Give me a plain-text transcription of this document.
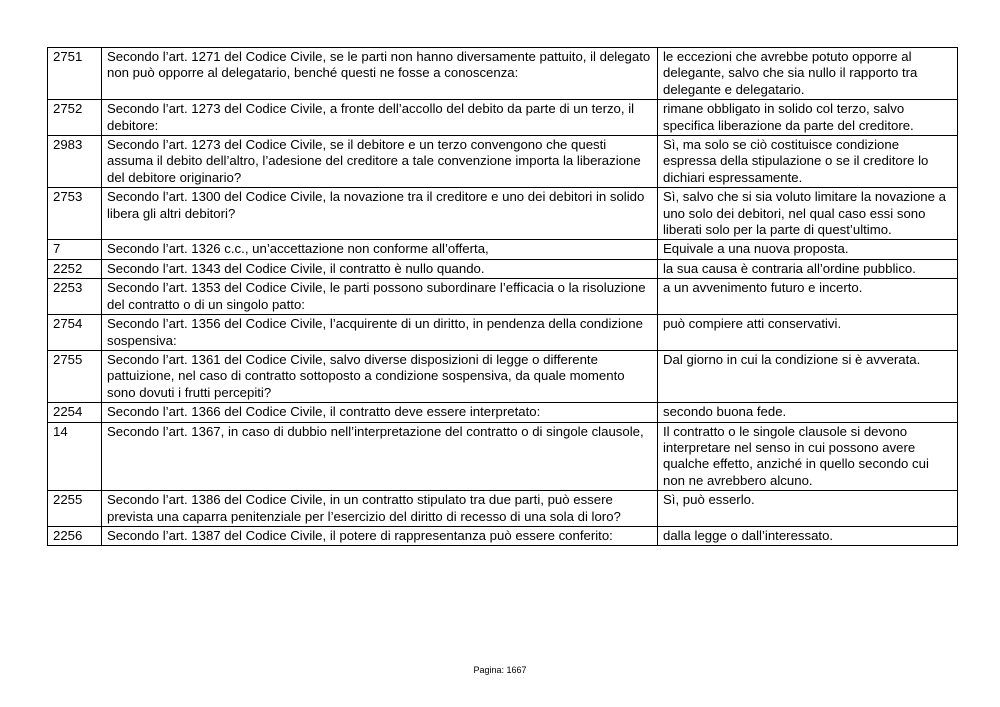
2751	Secondo l’art. 1271 del Codice Civile, se le parti non hanno diversamente pattuito, il delegato non può opporre al delegatario, benché questi ne fosse a conoscenza:	le eccezioni che avrebbe potuto opporre al delegante, salvo che sia nullo il rapporto tra delegante e delegatario.
2752	Secondo l’art. 1273 del Codice Civile, a fronte dell’accollo del debito da parte di un terzo, il debitore:	rimane obbligato in solido col terzo, salvo specifica liberazione da parte del creditore.
2983	Secondo l’art. 1273 del Codice Civile, se il debitore e un terzo convengono che questi assuma il debito dell’altro, l’adesione del creditore a tale convenzione importa la liberazione del debitore originario?	Sì, ma solo se ciò costituisce condizione espressa della stipulazione o se il creditore lo dichiari espressamente.
2753	Secondo l’art. 1300 del Codice Civile, la novazione tra il creditore e uno dei debitori in solido libera gli altri debitori?	Sì, salvo che si sia voluto limitare la novazione a uno solo dei debitori, nel qual caso essi sono liberati solo per la parte di quest’ultimo.
7	Secondo l’art. 1326 c.c., un’accettazione non conforme all’offerta,	Equivale a una nuova proposta.
2252	Secondo l’art. 1343 del Codice Civile, il contratto è nullo quando.	la sua causa è contraria all’ordine pubblico.
2253	Secondo l’art. 1353 del Codice Civile, le parti possono subordinare l’efficacia o la risoluzione del contratto o di un singolo patto:	a un avvenimento futuro e incerto.
2754	Secondo l’art. 1356 del Codice Civile, l’acquirente di un diritto, in pendenza della condizione sospensiva:	può compiere atti conservativi.
2755	Secondo l’art. 1361 del Codice Civile, salvo diverse disposizioni di legge o differente pattuizione, nel caso di contratto sottoposto a condizione sospensiva, da quale momento sono dovuti i frutti percepiti?	Dal giorno in cui la condizione si è avverata.
2254	Secondo l’art. 1366 del Codice Civile, il contratto deve essere interpretato:	secondo buona fede.
14	Secondo l’art. 1367, in caso di dubbio nell’interpretazione del contratto o di singole clausole,	Il contratto o le singole clausole si devono interpretare nel senso in cui possono avere qualche effetto, anziché in quello secondo cui non ne avrebbero alcuno.
2255	Secondo l’art. 1386 del Codice Civile, in un contratto stipulato tra due parti, può essere prevista una caparra penitenziale per l’esercizio del diritto di recesso di una sola di loro?	Sì, può esserlo.
2256	Secondo l’art. 1387 del Codice Civile, il potere di rappresentanza può essere conferito:	dalla legge o dall’interessato.
Pagina: 1667
